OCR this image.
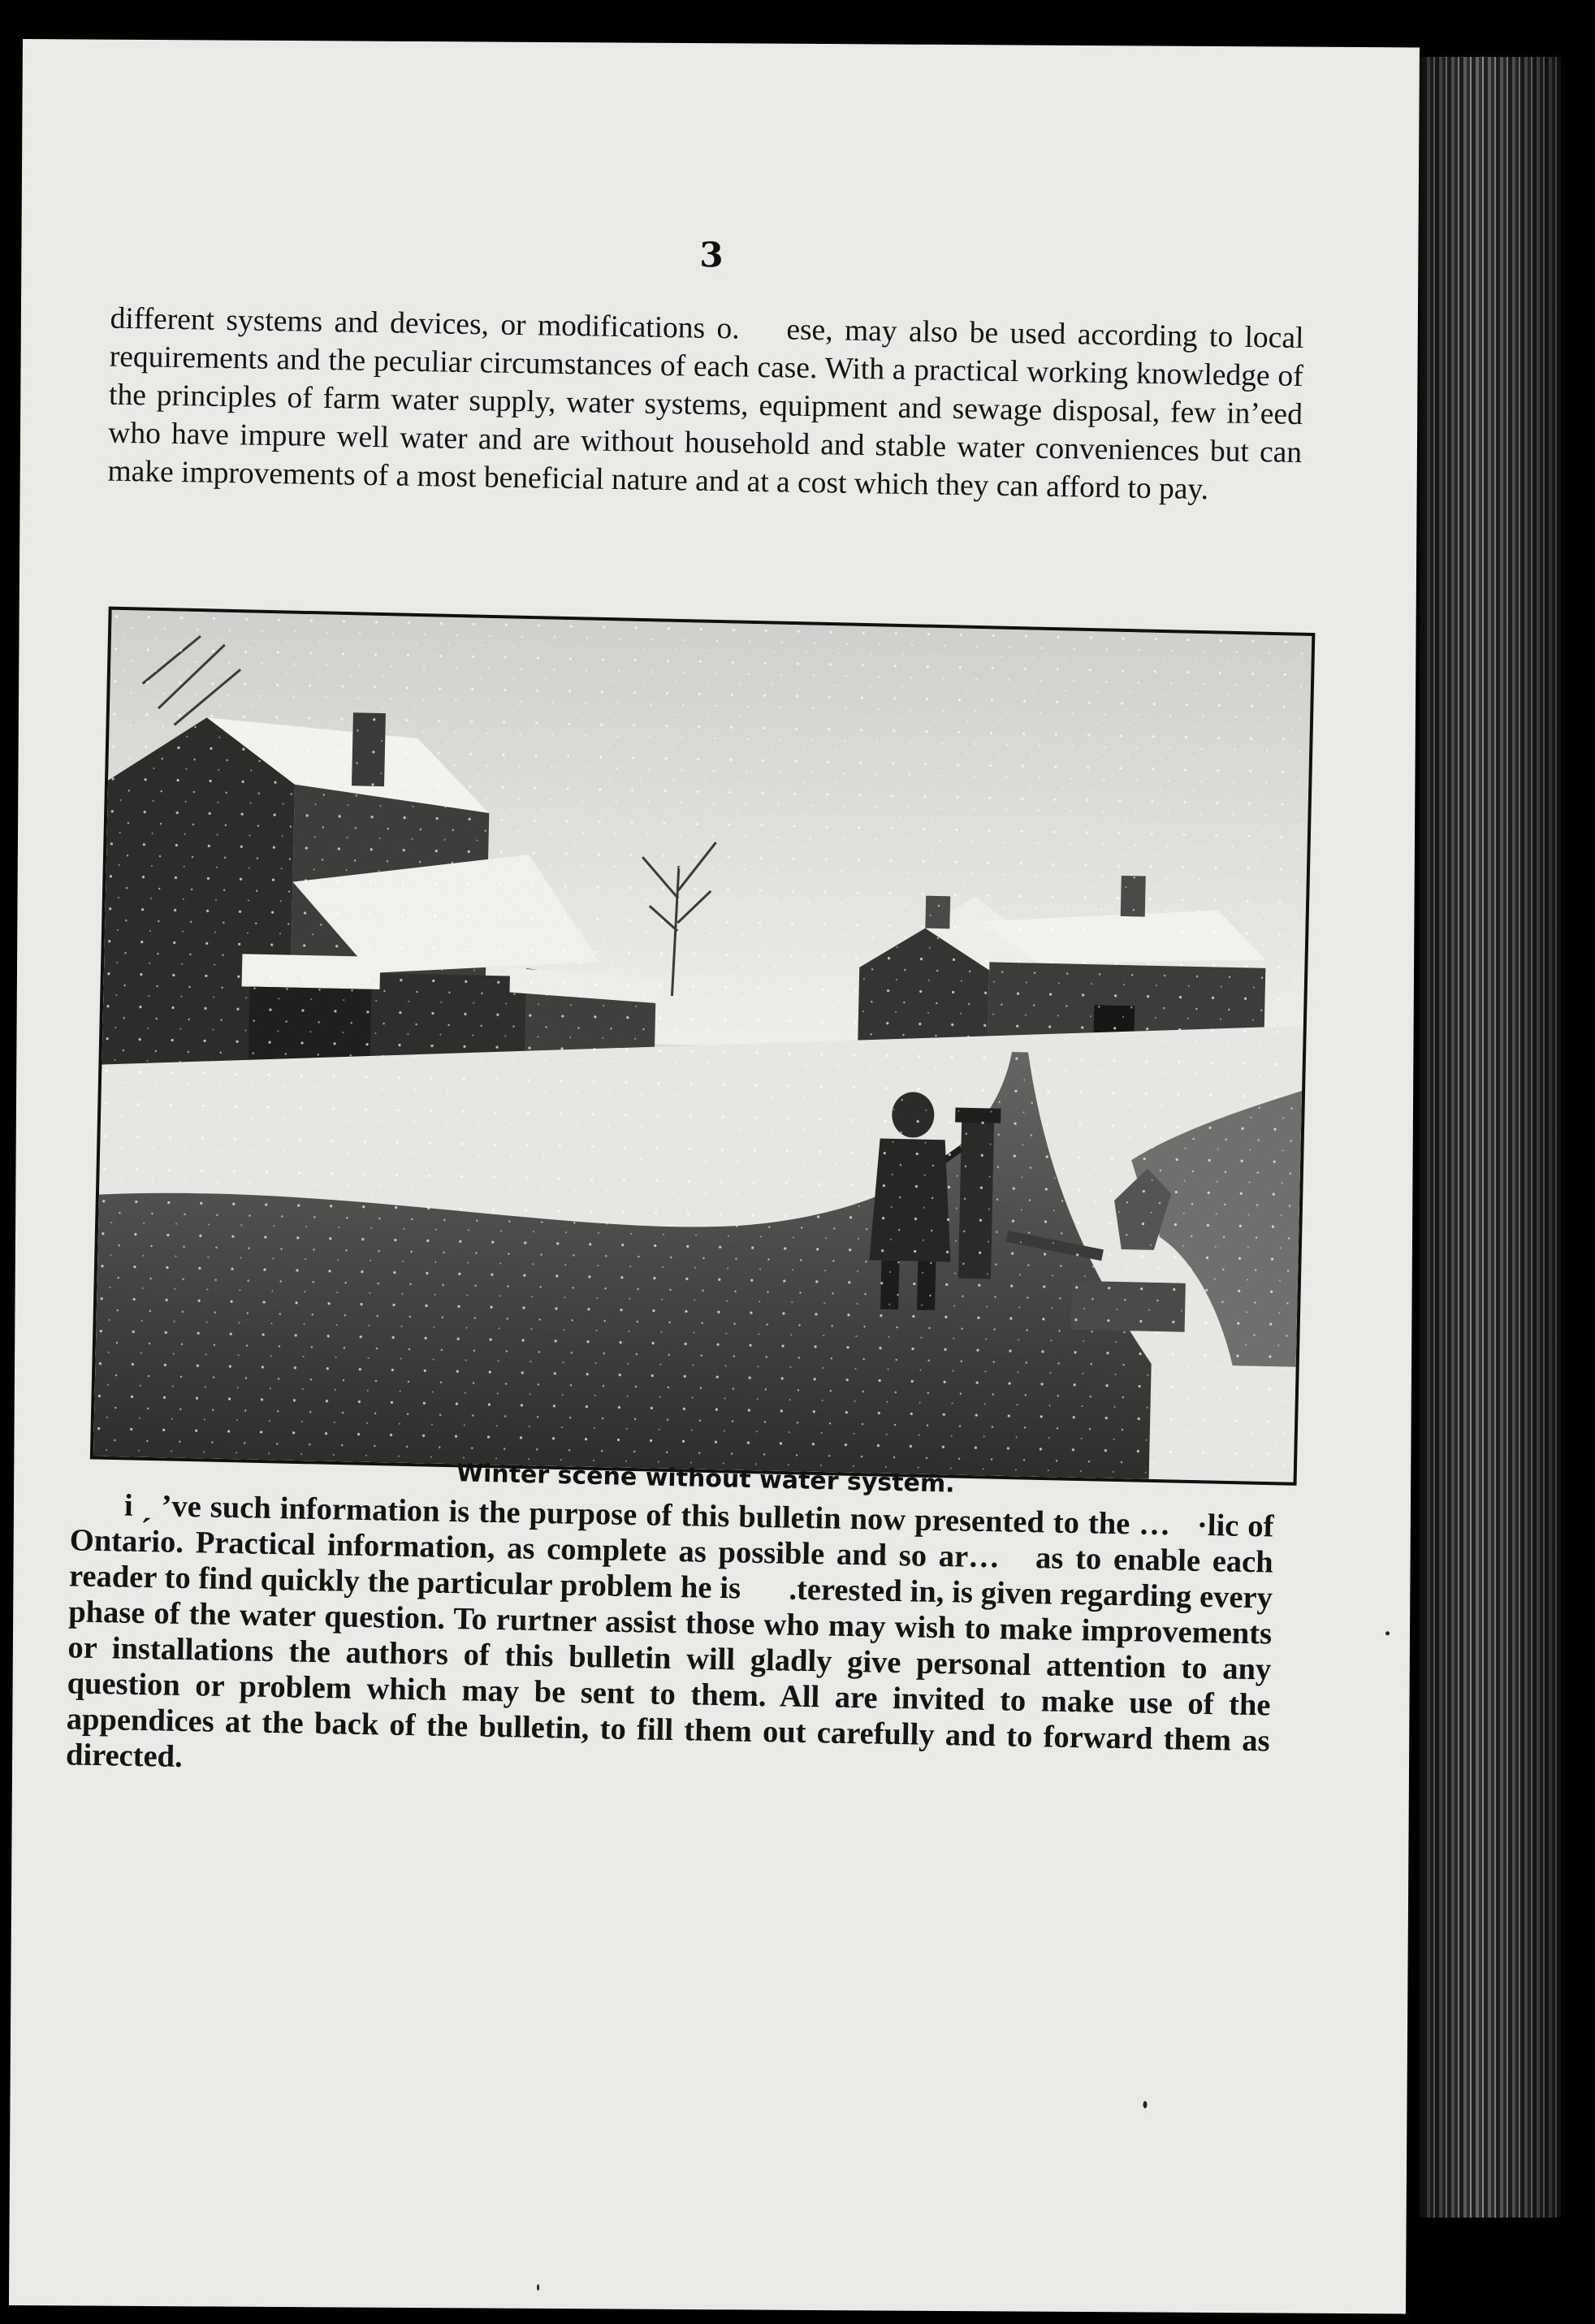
3

different systems and devices, or modifications o.    ese, may also be used according to local requirements and the peculiar circumstances of each case. With a practical working knowledge of the principles of farm water supply, water systems, equipment and sewage disposal, few in’eed who have impure well water and are without household and stable water conveniences but can make improvements of a most beneficial nature and at a cost which they can afford to pay.

Winter scene without water system.

i ˏ ’ve such information is the purpose of this bulletin now presented to the …   ·lic of Ontario. Practical information, as complete as possible and so ar…   as to enable each reader to find quickly the particular problem he is      .terested in, is given regarding every phase of the water question. To rurtner assist those who may wish to make improvements or installations the authors of this bulletin will gladly give personal attention to any question or problem which may be sent to them. All are invited to make use of the appendices at the back of the bulletin, to fill them out carefully and to forward them as directed.
